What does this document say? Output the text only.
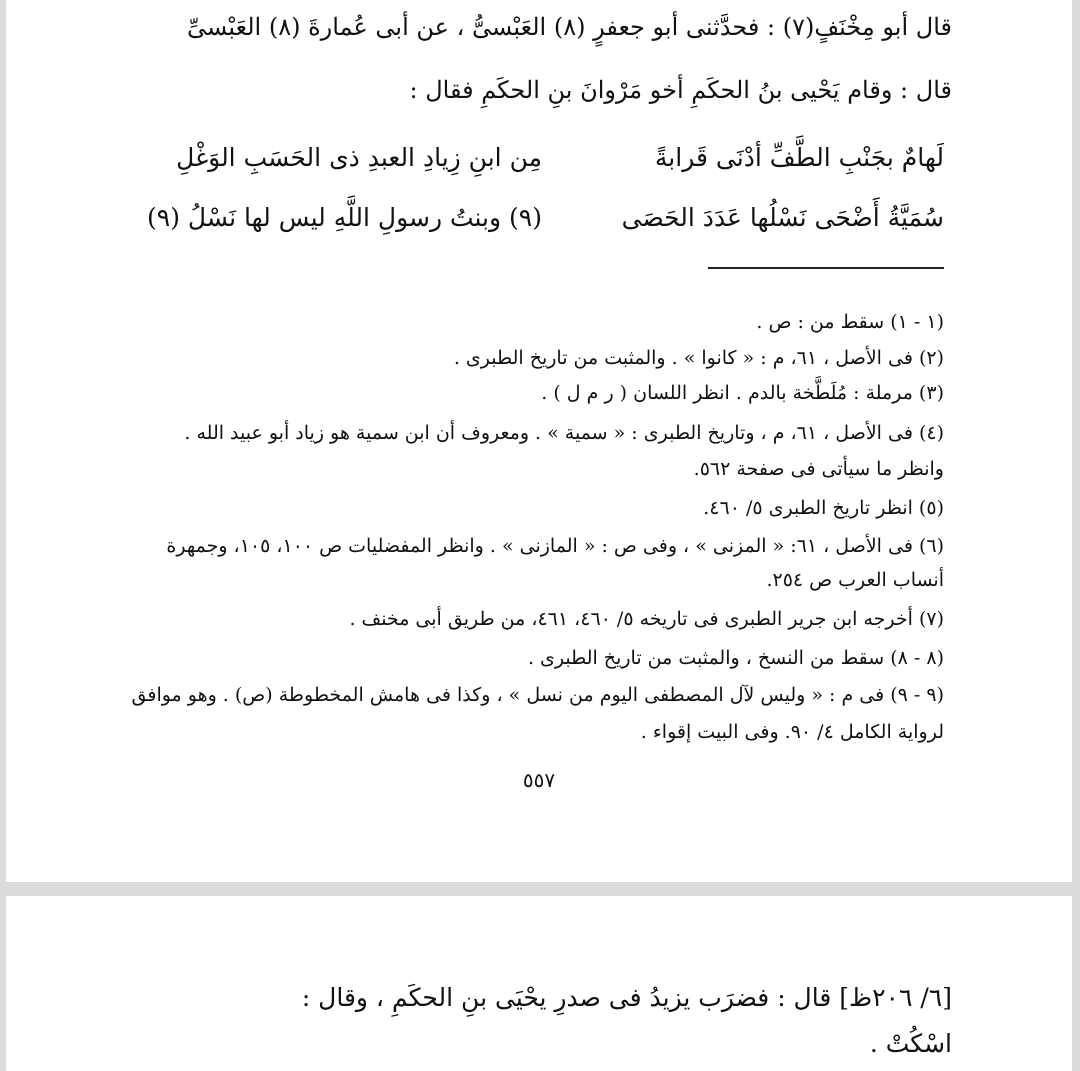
قال أبو مِخْنَفٍ(٧) : فحدَّثنى أبو جعفرٍ (٨) العَبْسىُّ ، عن أبى عُمارةَ (٨) العَبْسىِّ
قال : وقام يَحْيى بنُ الحكَمِ أخو مَرْوانَ بنِ الحكَمِ فقال :
لَهامٌ بجَنْبِ الطَّفِّ أدْنَى قَرابةً
مِن ابنِ زِيادِ العبدِ ذى الحَسَبِ الوَغْلِ
سُمَيَّةُ أَضْحَى نَسْلُها عَدَدَ الحَصَى
(٩) وبنتُ رسولِ اللَّهِ ليس لها نَسْلُ (٩)
(١ - ١) سقط من : ص .
(٢) فى الأصل ، ٦١، م : « كانوا » . والمثبت من تاريخ الطبرى .
(٣) مرملة : مُلَطَّخة بالدم . انظر اللسان ( ر م ل ) .
(٤) فى الأصل ، ٦١، م ، وتاريخ الطبرى : « سمية » . ومعروف أن ابن سمية هو زياد أبو عبيد الله .
وانظر ما سيأتى فى صفحة ٥٦٢.
(٥) انظر تاريخ الطبرى ٥/ ٤٦٠.
(٦) فى الأصل ، ٦١: « المزنى » ، وفى ص : « المازنى » . وانظر المفضليات ص ١٠٠، ١٠٥، وجمهرة
أنساب العرب ص ٢٥٤.
(٧) أخرجه ابن جرير الطبرى فى تاريخه ٥/ ٤٦٠، ٤٦١، من طريق أبى مخنف .
(٨ - ٨) سقط من النسخ ، والمثبت من تاريخ الطبرى .
(٩ - ٩) فى م : « وليس لآل المصطفى اليوم من نسل » ، وكذا فى هامش المخطوطة (ص) . وهو موافق
لرواية الكامل ٤/ ٩٠. وفى البيت إقواء .
٥٥٧
[٦/ ٢٠٦ظ] قال : فضرَب يزيدُ فى صدرِ يحْيَى بنِ الحكَمِ ، وقال :
اسْكُتْ .
